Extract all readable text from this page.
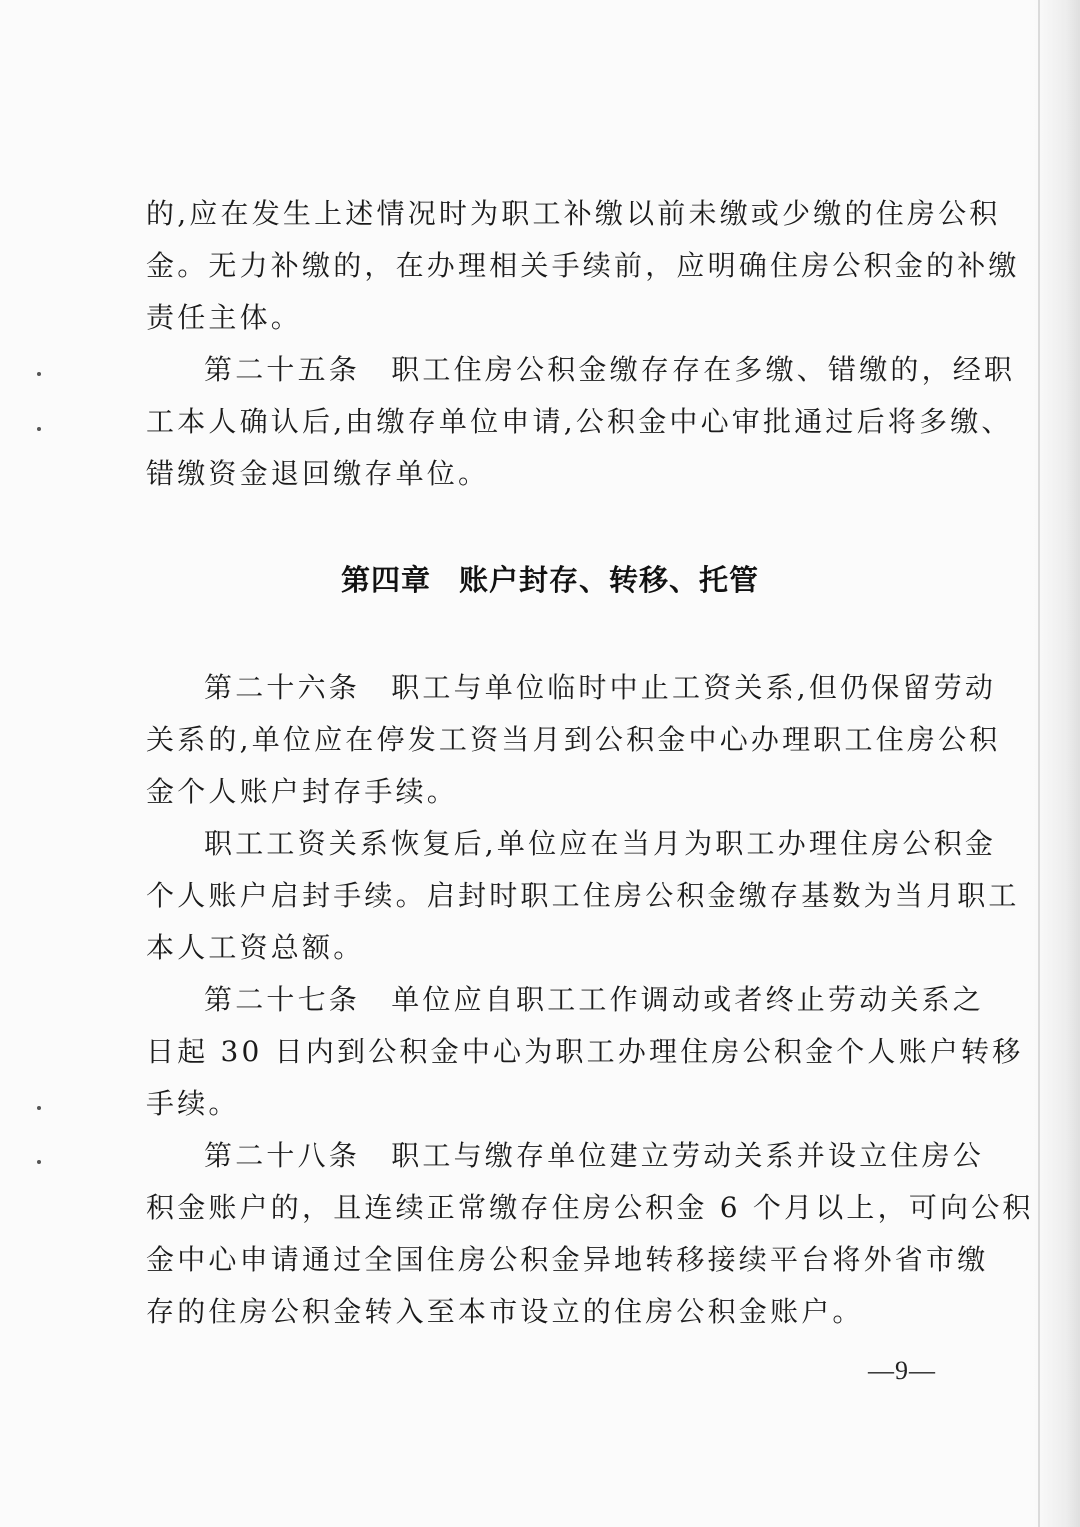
的,应在发生上述情况时为职工补缴以前未缴或少缴的住房公积
金。无力补缴的，在办理相关手续前，应明确住房公积金的补缴
责任主体。
第二十五条　职工住房公积金缴存存在多缴、错缴的，经职
工本人确认后,由缴存单位申请,公积金中心审批通过后将多缴、
错缴资金退回缴存单位。
第四章 账户封存、转移、托管
第二十六条　职工与单位临时中止工资关系,但仍保留劳动
关系的,单位应在停发工资当月到公积金中心办理职工住房公积
金个人账户封存手续。
职工工资关系恢复后,单位应在当月为职工办理住房公积金
个人账户启封手续。启封时职工住房公积金缴存基数为当月职工
本人工资总额。
第二十七条　单位应自职工工作调动或者终止劳动关系之
日起 30 日内到公积金中心为职工办理住房公积金个人账户转移
手续。
第二十八条　职工与缴存单位建立劳动关系并设立住房公
积金账户的，且连续正常缴存住房公积金 6 个月以上，可向公积
金中心申请通过全国住房公积金异地转移接续平台将外省市缴
存的住房公积金转入至本市设立的住房公积金账户。
—9—
